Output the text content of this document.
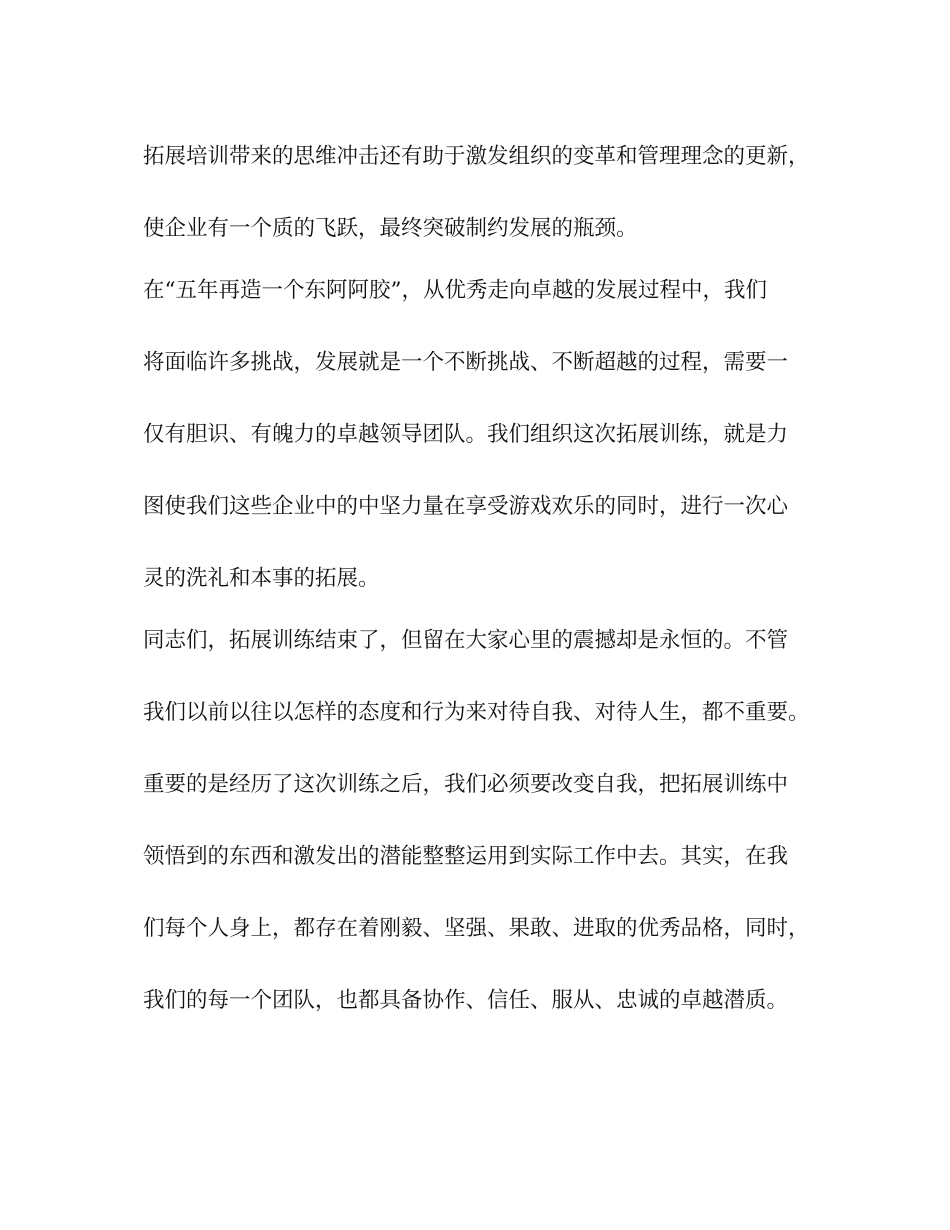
拓展培训带来的思维冲击还有助于激发组织的变革和管理理念的更新，
使企业有一个质的飞跃，最终突破制约发展的瓶颈。

在“五年再造一个东阿阿胶”，从优秀走向卓越的发展过程中，我们
将面临许多挑战，发展就是一个不断挑战、不断超越的过程，需要一
仅有胆识、有魄力的卓越领导团队。我们组织这次拓展训练，就是力
图使我们这些企业中的中坚力量在享受游戏欢乐的同时，进行一次心
灵的洗礼和本事的拓展。

同志们，拓展训练结束了，但留在大家心里的震撼却是永恒的。不管
我们以前以往以怎样的态度和行为来对待自我、对待人生，都不重要。
重要的是经历了这次训练之后，我们必须要改变自我，把拓展训练中
领悟到的东西和激发出的潜能整整运用到实际工作中去。其实，在我
们每个人身上，都存在着刚毅、坚强、果敢、进取的优秀品格，同时，
我们的每一个团队，也都具备协作、信任、服从、忠诚的卓越潜质。
